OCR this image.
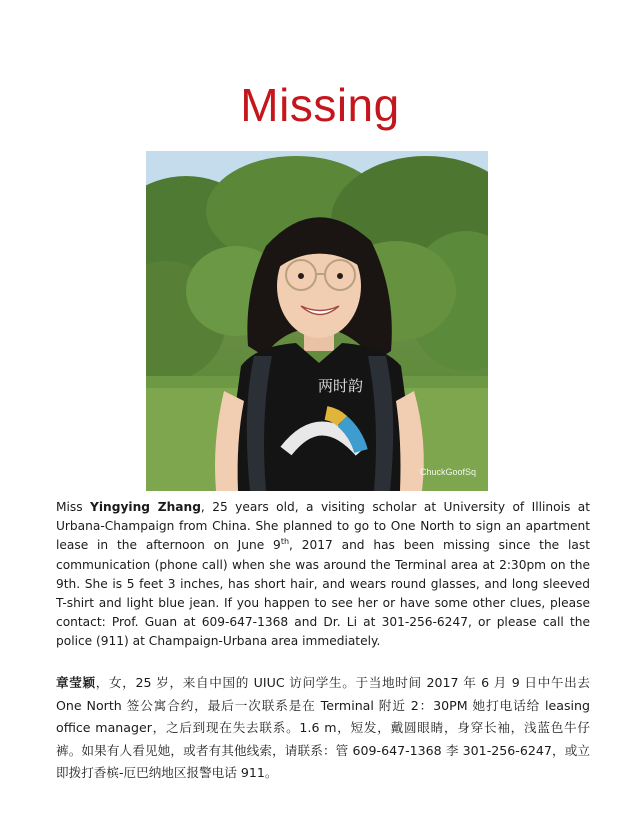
Missing
两时韵
ChuckGoofSq
Miss Yingying Zhang, 25 years old, a visiting scholar at University of Illinois at Urbana-Champaign from China. She planned to go to One North to sign an apartment lease in the afternoon on June 9th, 2017 and has been missing since the last communication (phone call) when she was around the Terminal area at 2:30pm on the 9th. She is 5 feet 3 inches, has short hair, and wears round glasses, and long sleeved T-shirt and light blue jean. If you happen to see her or have some other clues, please contact: Prof. Guan at 609-647-1368 and Dr. Li at 301-256-6247, or please call the police (911) at Champaign-Urbana area immediately.
章莹颖，女，25 岁，来自中国的 UIUC 访问学生。于当地时间 2017 年 6 月 9 日中午出去 One North 签公寓合约，最后一次联系是在 Terminal 附近 2：30PM 她打电话给 leasing office manager，之后到现在失去联系。1.6 m，短发，戴圆眼睛，身穿长袖，浅蓝色牛仔裤。如果有人看见她，或者有其他线索，请联系：管 609-647-1368 李 301-256-6247，或立即拨打香槟-厄巴纳地区报警电话 911。
